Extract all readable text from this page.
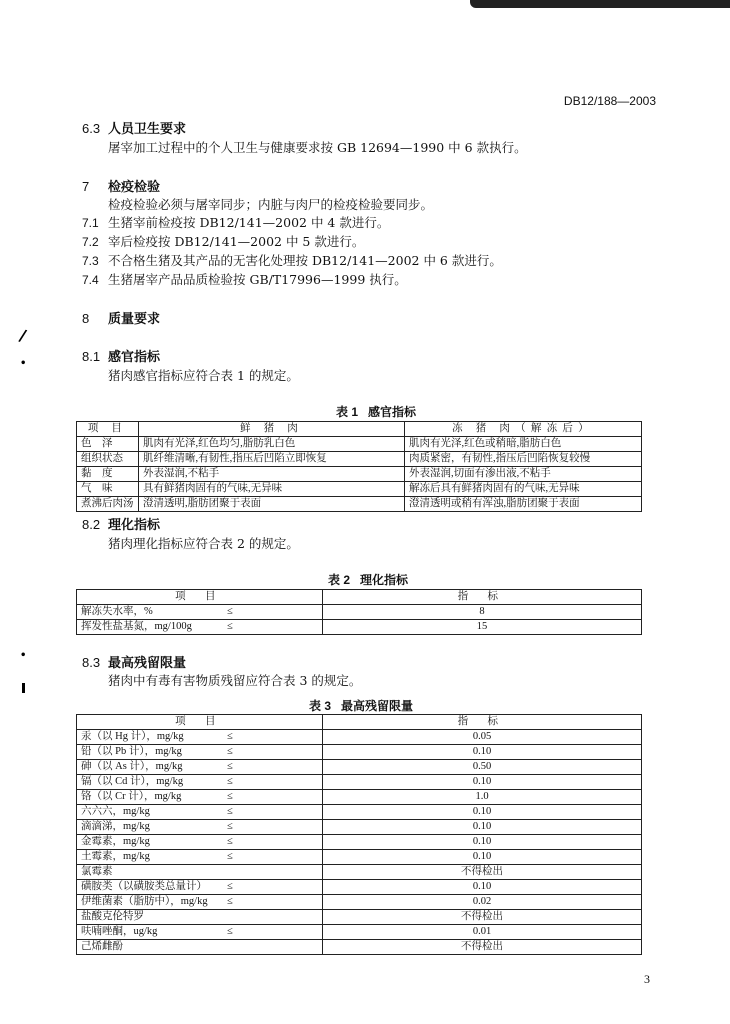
DB12/188—2003
6.3 人员卫生要求
屠宰加工过程中的个人卫生与健康要求按 GB 12694—1990 中 6 款执行。
7 检疫检验
检疫检验必须与屠宰同步；内脏与肉尸的检疫检验要同步。
7.1 生猪宰前检疫按 DB12/141—2002 中 4 款进行。
7.2 宰后检疫按 DB12/141—2002 中 5 款进行。
7.3 不合格生猪及其产品的无害化处理按 DB12/141—2002 中 6 款进行。
7.4 生猪屠宰产品品质检验按 GB/T17996—1999 执行。
8 质量要求
8.1 感官指标
猪肉感官指标应符合表 1 的规定。
表 1 感官指标
项 目	鲜 猪 肉	冻 猪 肉（解冻后）
色　泽	肌肉有光泽,红色均匀,脂肪乳白色	肌肉有光泽,红色或稍暗,脂肪白色
组织状态	肌纤维清晰,有韧性,指压后凹陷立即恢复	肉质紧密，有韧性,指压后凹陷恢复较慢
黏　度	外表湿润,不粘手	外表湿润,切面有渗出液,不粘手
气　味	具有鲜猪肉固有的气味,无异味	解冻后具有鲜猪肉固有的气味,无异味
煮沸后肉汤	澄清透明,脂肪团聚于表面	澄清透明或稍有浑浊,脂肪团聚于表面
8.2 理化指标
猪肉理化指标应符合表 2 的规定。
表 2 理化指标
项 目	指 标
解冻失水率，% ≤	8
挥发性盐基氮，mg/100g ≤	15
8.3 最高残留限量
猪肉中有毒有害物质残留应符合表 3 的规定。
表 3 最高残留限量
项 目	指 标
汞（以 Hg 计），mg/kg ≤	0.05
铅（以 Pb 计），mg/kg ≤	0.10
砷（以 As 计），mg/kg ≤	0.50
镉（以 Cd 计），mg/kg ≤	0.10
铬（以 Cr 计），mg/kg ≤	1.0
六六六，mg/kg ≤	0.10
滴滴涕，mg/kg ≤	0.10
金霉素，mg/kg ≤	0.10
土霉素，mg/kg ≤	0.10
氯霉素	不得检出
磺胺类（以磺胺类总量计） ≤	0.10
伊维菌素（脂肪中），mg/kg ≤	0.02
盐酸克伦特罗	不得检出
呋喃唑酮，ug/kg ≤	0.01
己烯雌酚	不得检出
/
•
•
3
